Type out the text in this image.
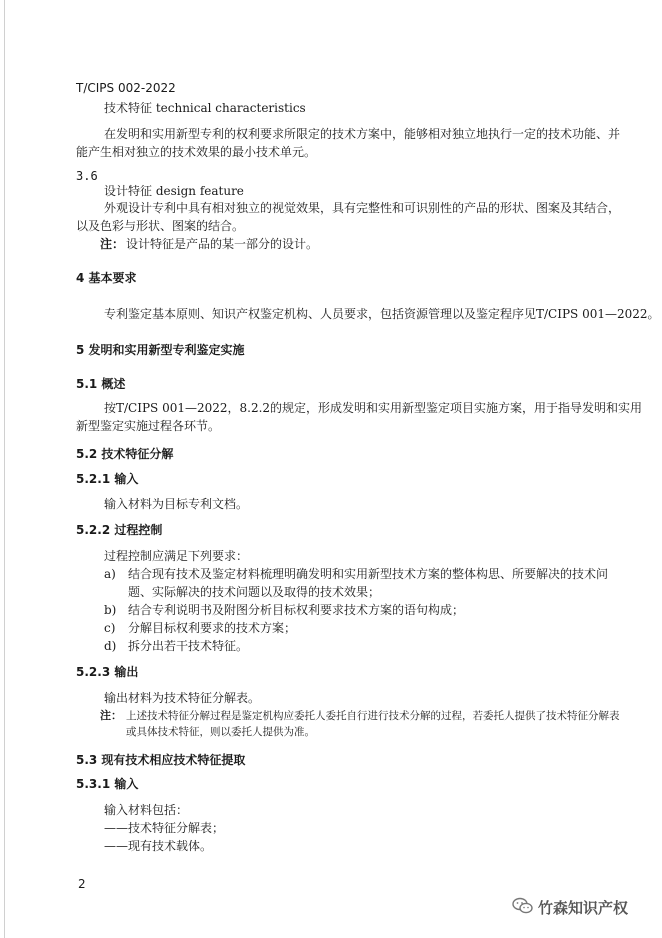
T/CIPS 002-2022
技术特征 technical characteristics
在发明和实用新型专利的权利要求所限定的技术方案中，能够相对独立地执行一定的技术功能、并
能产生相对独立的技术效果的最小技术单元。
3.6
设计特征 design feature
外观设计专利中具有相对独立的视觉效果，具有完整性和可识别性的产品的形状、图案及其结合，
以及色彩与形状、图案的结合。
注： 设计特征是产品的某一部分的设计。
4 基本要求
专利鉴定基本原则、知识产权鉴定机构、人员要求，包括资源管理以及鉴定程序见T/CIPS 001—2022。
5 发明和实用新型专利鉴定实施
5.1 概述
按T/CIPS 001—2022，8.2.2的规定，形成发明和实用新型鉴定项目实施方案，用于指导发明和实用
新型鉴定实施过程各环节。
5.2 技术特征分解
5.2.1 输入
输入材料为目标专利文档。
5.2.2 过程控制
过程控制应满足下列要求：
a) 结合现有技术及鉴定材料梳理明确发明和实用新型技术方案的整体构思、所要解决的技术问
题、实际解决的技术问题以及取得的技术效果；
b) 结合专利说明书及附图分析目标权利要求技术方案的语句构成；
c) 分解目标权利要求的技术方案；
d) 拆分出若干技术特征。
5.2.3 输出
输出材料为技术特征分解表。
注： 上述技术特征分解过程是鉴定机构应委托人委托自行进行技术分解的过程，若委托人提供了技术特征分解表
或具体技术特征，则以委托人提供为准。
5.3 现有技术相应技术特征提取
5.3.1 输入
输入材料包括：
——技术特征分解表；
——现有技术载体。
2
竹森知识产权
